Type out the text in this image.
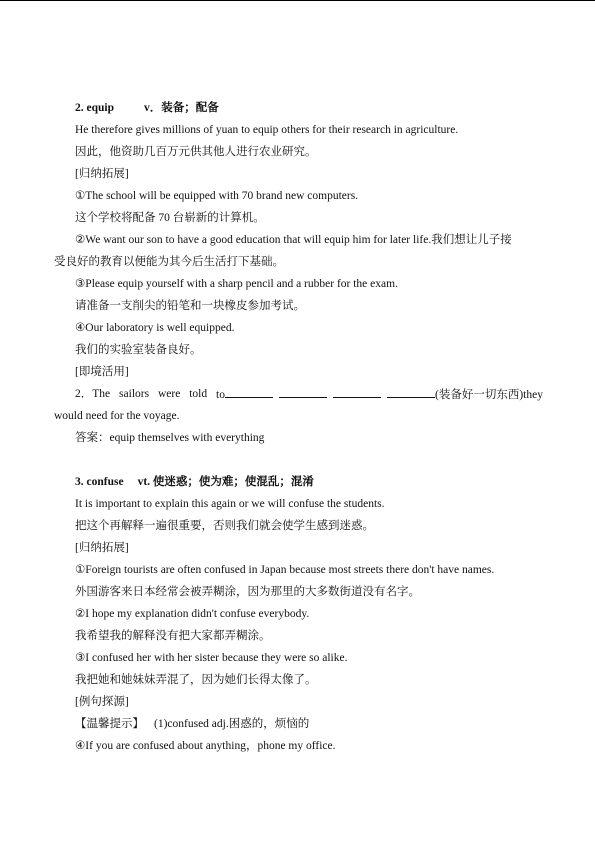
2. equip	v．装备；配备
He therefore gives millions of yuan to equip others for their research in agriculture.
因此，他资助几百万元供其他人进行农业研究。
[归纳拓展]
①The school will be equipped with 70 brand new computers.
这个学校将配备 70 台崭新的计算机。
②We want our son to have a good education that will equip him for later life.我们想让儿子接
受良好的教育以便能为其今后生活打下基础。
③Please equip yourself with a sharp pencil and a rubber for the exam.
请准备一支削尖的铅笔和一块橡皮参加考试。
④Our laboratory is well equipped.
我们的实验室装备良好。
[即境活用]
2．The sailors were told to	(装备好一切东西)they
would need for the voyage.
答案：equip themselves with everything
3. confuse vt. 使迷惑；使为难；使混乱；混淆
It is important to explain this again or we will confuse the students.
把这个再解释一遍很重要，否则我们就会使学生感到迷惑。
[归纳拓展]
①Foreign tourists are often confused in Japan because most streets there don't have names.
外国游客来日本经常会被弄糊涂，因为那里的大多数街道没有名字。
②I hope my explanation didn't confuse everybody.
我希望我的解释没有把大家都弄糊涂。
③I confused her with her sister because they were so alike.
我把她和她妹妹弄混了，因为她们长得太像了。
[例句探源]
【温馨提示】 (1)confused adj.困惑的，烦恼的
④If you are confused about anything，phone my office.
